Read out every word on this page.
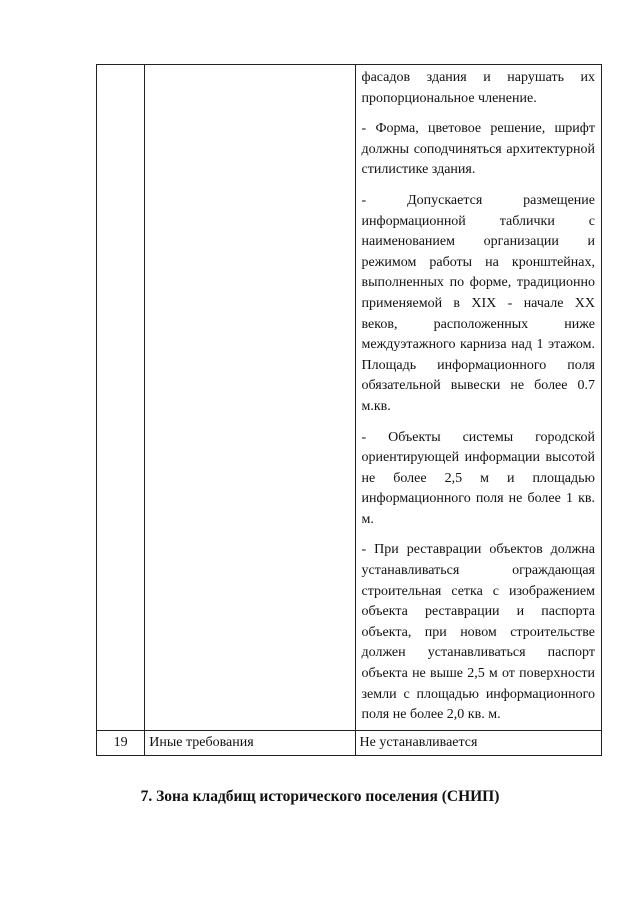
		фасадов здания и нарушать их пропорциональное членение.

- Форма, цветовое решение, шрифт должны соподчиняться архитектурной стилистике здания.

- Допускается размещение информационной таблички с наименованием организации и режимом работы на кронштейнах, выполненных по форме, традиционно применяемой в XIX - начале XX веков, расположенных ниже междуэтажного карниза над 1 этажом. Площадь информационного поля обязательной вывески не более 0.7 м.кв.

- Объекты системы городской ориентирующей информации высотой не более 2,5 м и площадью информационного поля не более 1 кв. м.

- При реставрации объектов должна устанавливаться ограждающая строительная сетка с изображением объекта реставрации и паспорта объекта, при новом строительстве должен устанавливаться паспорт объекта не выше 2,5 м от поверхности земли с площадью информационного поля не более 2,0 кв. м.

19	Иные требования	Не устанавливается
7. Зона кладбищ исторического поселения (СНИП)
